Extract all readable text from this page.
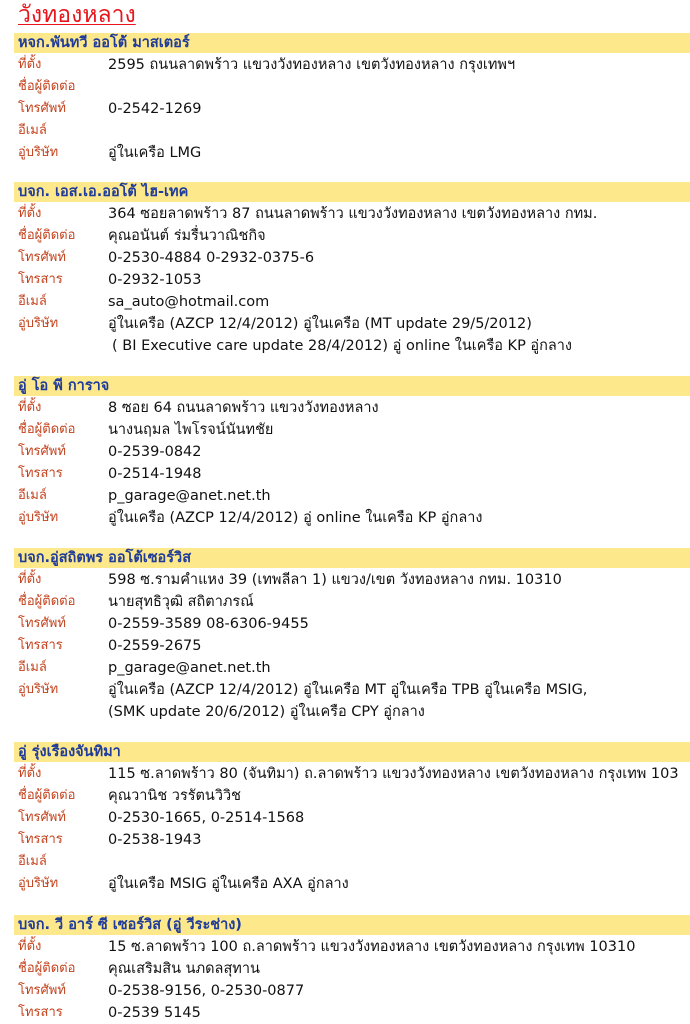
วังทองหลาง
หจก.พันทวี ออโต้ มาสเตอร์
ที่ตั้ง	2595 ถนนลาดพร้าว แขวงวังทองหลาง เขตวังทองหลาง กรุงเทพฯ
ชื่อผู้ติดต่อ
โทรศัพท์	0-2542-1269
อีเมล์
อู่บริษัท	อู่ในเครือ LMG
บจก. เอส.เอ.ออโต้ ไฮ-เทค
ที่ตั้ง	364 ซอยลาดพร้าว 87 ถนนลาดพร้าว แขวงวังทองหลาง เขตวังทองหลาง กทม.
ชื่อผู้ติดต่อ คุณอนันต์ ร่มรื่นวาณิชกิจ
โทรศัพท์	0-2530-4884 0-2932-0375-6
โทรสาร	0-2932-1053
อีเมล์	sa_auto@hotmail.com
อู่บริษัท	อู่ในเครือ (AZCP 12/4/2012) อู่ในเครือ (MT update 29/5/2012)
( BI Executive care update 28/4/2012) อู่ online ในเครือ KP อู่กลาง
อู่ โอ พี การาจ
ที่ตั้ง	8 ซอย 64 ถนนลาดพร้าว แขวงวังทองหลาง
ชื่อผู้ติดต่อ นางนฤมล ไพโรจน์นันทชัย
โทรศัพท์	0-2539-0842
โทรสาร	0-2514-1948
อีเมล์	p_garage@anet.net.th
อู่บริษัท	อู่ในเครือ (AZCP 12/4/2012) อู่ online ในเครือ KP อู่กลาง
บจก.อู่สถิตพร ออโต้เซอร์วิส
ที่ตั้ง	598 ซ.รามคำแหง 39 (เทพลีลา 1) แขวง/เขต วังทองหลาง กทม. 10310
ชื่อผู้ติดต่อ นายสุทธิวุฒิ สถิตาภรณ์
โทรศัพท์	0-2559-3589 08-6306-9455
โทรสาร	0-2559-2675
อีเมล์	p_garage@anet.net.th
อู่บริษัท	อู่ในเครือ (AZCP 12/4/2012) อู่ในเครือ MT อู่ในเครือ TPB อู่ในเครือ MSIG,
(SMK update 20/6/2012) อู่ในเครือ CPY อู่กลาง
อู่ รุ่งเรืองจันทิมา
ที่ตั้ง	115 ซ.ลาดพร้าว 80 (จันทิมา) ถ.ลาดพร้าว แขวงวังทองหลาง เขตวังทองหลาง กรุงเทพ 103
ชื่อผู้ติดต่อ คุณวานิช วรรัตนวิวิช
โทรศัพท์	0-2530-1665, 0-2514-1568
โทรสาร	0-2538-1943
อีเมล์
อู่บริษัท	อู่ในเครือ MSIG อู่ในเครือ AXA อู่กลาง
บจก. วี อาร์ ซี เซอร์วิส (อู่ วีระช่าง)
ที่ตั้ง	15 ซ.ลาดพร้าว 100 ถ.ลาดพร้าว แขวงวังทองหลาง เขตวังทองหลาง กรุงเทพ 10310
ชื่อผู้ติดต่อ คุณเสริมสิน นภดลสุทาน
โทรศัพท์	0-2538-9156, 0-2530-0877
โทรสาร	0-2539 5145
